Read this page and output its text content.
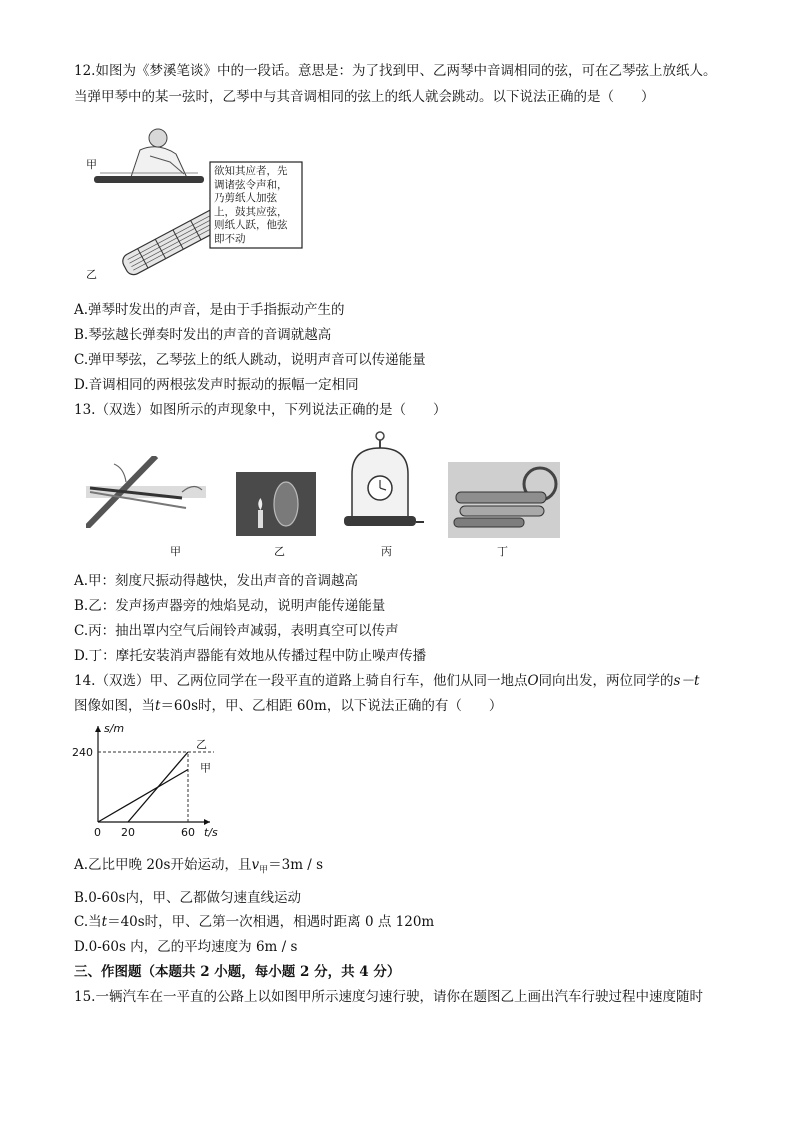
12.如图为《梦溪笔谈》中的一段话。意思是：为了找到甲、乙两琴中音调相同的弦，可在乙琴弦上放纸人。
当弹甲琴中的某一弦时，乙琴中与其音调相同的弦上的纸人就会跳动。以下说法正确的是（　　）
甲
乙
欲知其应者，先
调诸弦令声和，
乃剪纸人加弦
上，鼓其应弦，
则纸人跃，他弦
即不动
A.弹琴时发出的声音，是由于手指振动产生的
B.琴弦越长弹奏时发出的声音的音调就越高
C.弹甲琴弦，乙琴弦上的纸人跳动，说明声音可以传递能量
D.音调相同的两根弦发声时振动的振幅一定相同
13.（双选）如图所示的声现象中，下列说法正确的是（　　）
甲	乙	丙	丁
A.甲：刻度尺振动得越快，发出声音的音调越高
B.乙：发声扬声器旁的烛焰晃动，说明声能传递能量
C.丙：抽出罩内空气后闹铃声减弱，表明真空可以传声
D.丁：摩托安装消声器能有效地从传播过程中防止噪声传播
14.（双选）甲、乙两位同学在一段平直的道路上骑自行车，他们从同一地点O同向出发，两位同学的s－t
图像如图，当t＝60s时，甲、乙相距 60m，以下说法正确的有（　　）
s/m
t/s
0 20	60
240
乙
甲
A.乙比甲晚 20s开始运动，且$v_甲=3m / s$
B.0-60s内，甲、乙都做匀速直线运动
C.当t＝40s时，甲、乙第一次相遇，相遇时距离 0 点 120m
D.0-60s 内，乙的平均速度为 6m / s
三、作图题（本题共 2 小题，每小题 2 分，共 4 分）
15.一辆汽车在一平直的公路上以如图甲所示速度匀速行驶，请你在题图乙上画出汽车行驶过程中速度随时
